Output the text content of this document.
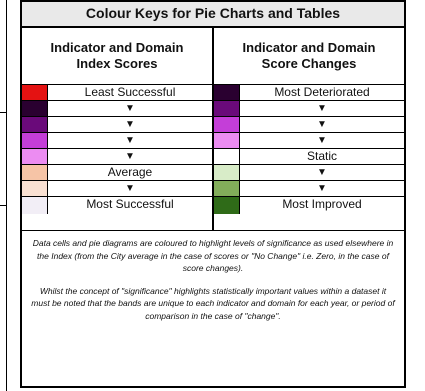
Colour Keys for Pie Charts and Tables
Indicator and Domain
Index Scores
Least Successful
▼
▼
▼
▼
Average
▼
Most Successful
Indicator and Domain
Score Changes
Most Deteriorated
▼
▼
▼
Static
▼
▼
Most Improved

Data cells and pie diagrams are coloured to highlight levels of significance as used elsewhere in the Index (from the City average in the case of scores or "No Change" i.e. Zero, in the case of score changes).

Whilst the concept of "significance" highlights statistically important values within a dataset it must be noted that the bands are unique to each indicator and domain for each year, or period of comparison in the case of "change".
